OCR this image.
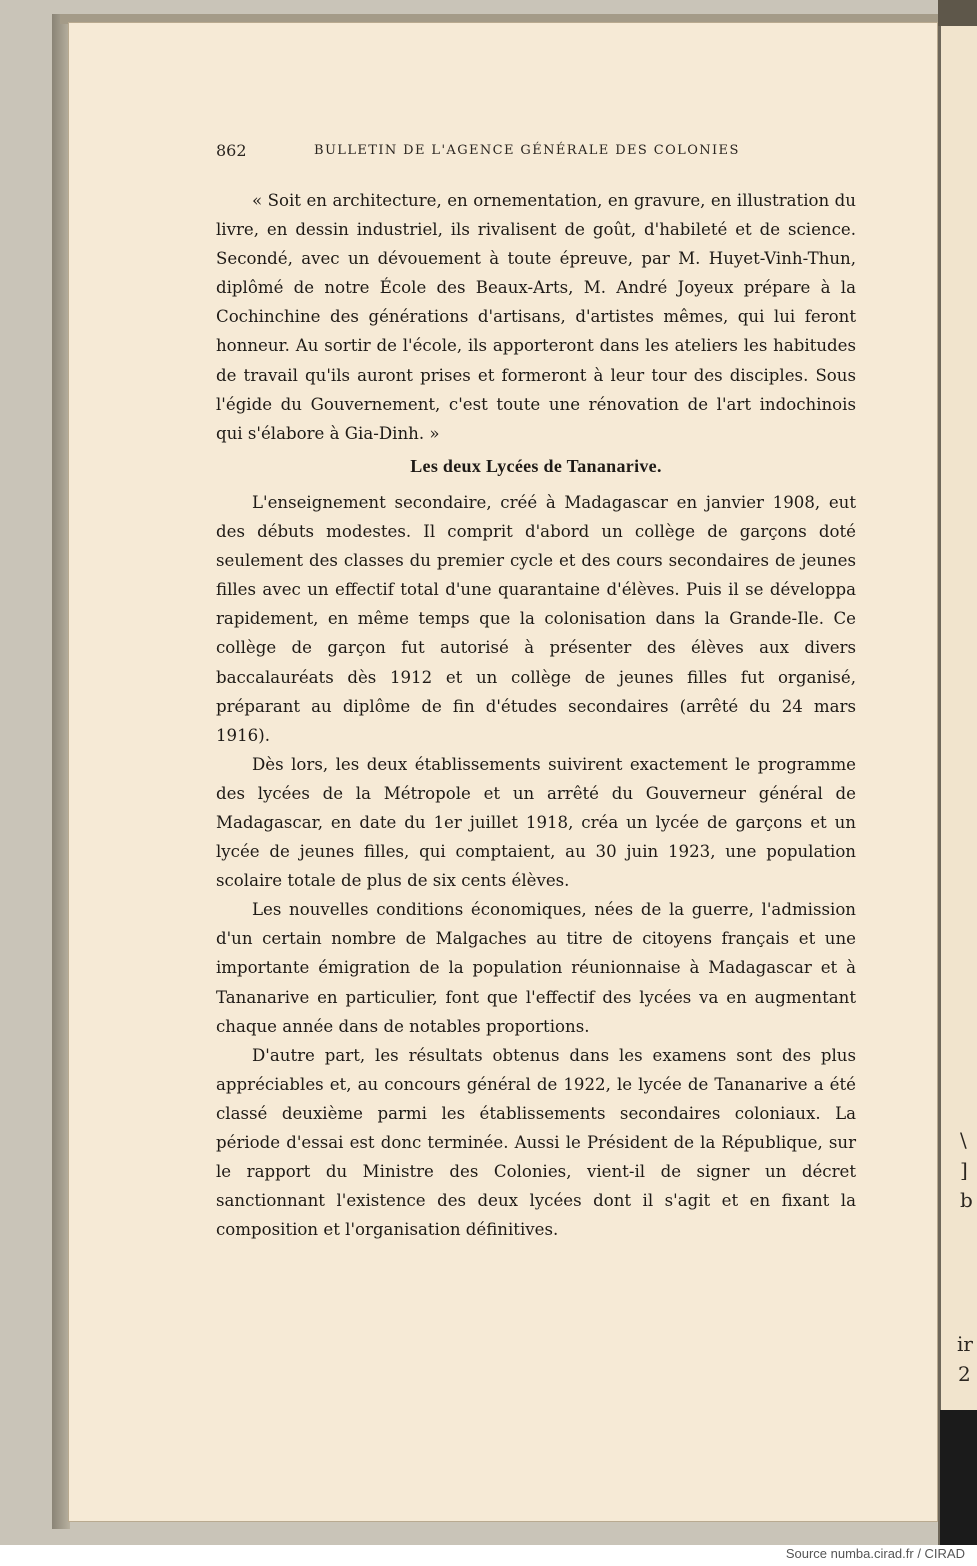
\
]
b
ir
2
862	BULLETIN DE L'AGENCE GÉNÉRALE DES COLONIES

« Soit en architecture, en ornementation, en gravure, en illustration du livre, en dessin industriel, ils rivalisent de goût, d'habileté et de science. Secondé, avec un dévouement à toute épreuve, par M. Huyet-Vinh-Thun, diplômé de notre École des Beaux-Arts, M. André Joyeux prépare à la Cochinchine des générations d'artisans, d'artistes mêmes, qui lui feront honneur. Au sortir de l'école, ils apporteront dans les ateliers les habitudes de travail qu'ils auront prises et formeront à leur tour des disciples. Sous l'égide du Gouvernement, c'est toute une rénovation de l'art indochinois qui s'élabore à Gia-Dinh. »

Les deux Lycées de Tananarive.

L'enseignement secondaire, créé à Madagascar en janvier 1908, eut des débuts modestes. Il comprit d'abord un collège de garçons doté seulement des classes du premier cycle et des cours secondaires de jeunes filles avec un effectif total d'une quarantaine d'élèves. Puis il se développa rapidement, en même temps que la colonisation dans la Grande-Ile. Ce collège de garçon fut autorisé à présenter des élèves aux divers baccalauréats dès 1912 et un collège de jeunes filles fut organisé, préparant au diplôme de fin d'études secondaires (arrêté du 24 mars 1916).

Dès lors, les deux établissements suivirent exactement le programme des lycées de la Métropole et un arrêté du Gouverneur général de Madagascar, en date du 1er juillet 1918, créa un lycée de garçons et un lycée de jeunes filles, qui comptaient, au 30 juin 1923, une population scolaire totale de plus de six cents élèves.

Les nouvelles conditions économiques, nées de la guerre, l'admission d'un certain nombre de Malgaches au titre de citoyens français et une importante émigration de la population réunionnaise à Madagascar et à Tananarive en particulier, font que l'effectif des lycées va en augmentant chaque année dans de notables proportions.

D'autre part, les résultats obtenus dans les examens sont des plus appréciables et, au concours général de 1922, le lycée de Tananarive a été classé deuxième parmi les établissements secondaires coloniaux. La période d'essai est donc terminée. Aussi le Président de la République, sur le rapport du Ministre des Colonies, vient-il de signer un décret sanctionnant l'existence des deux lycées dont il s'agit et en fixant la composition et l'organisation définitives.

Source numba.cirad.fr / CIRAD
